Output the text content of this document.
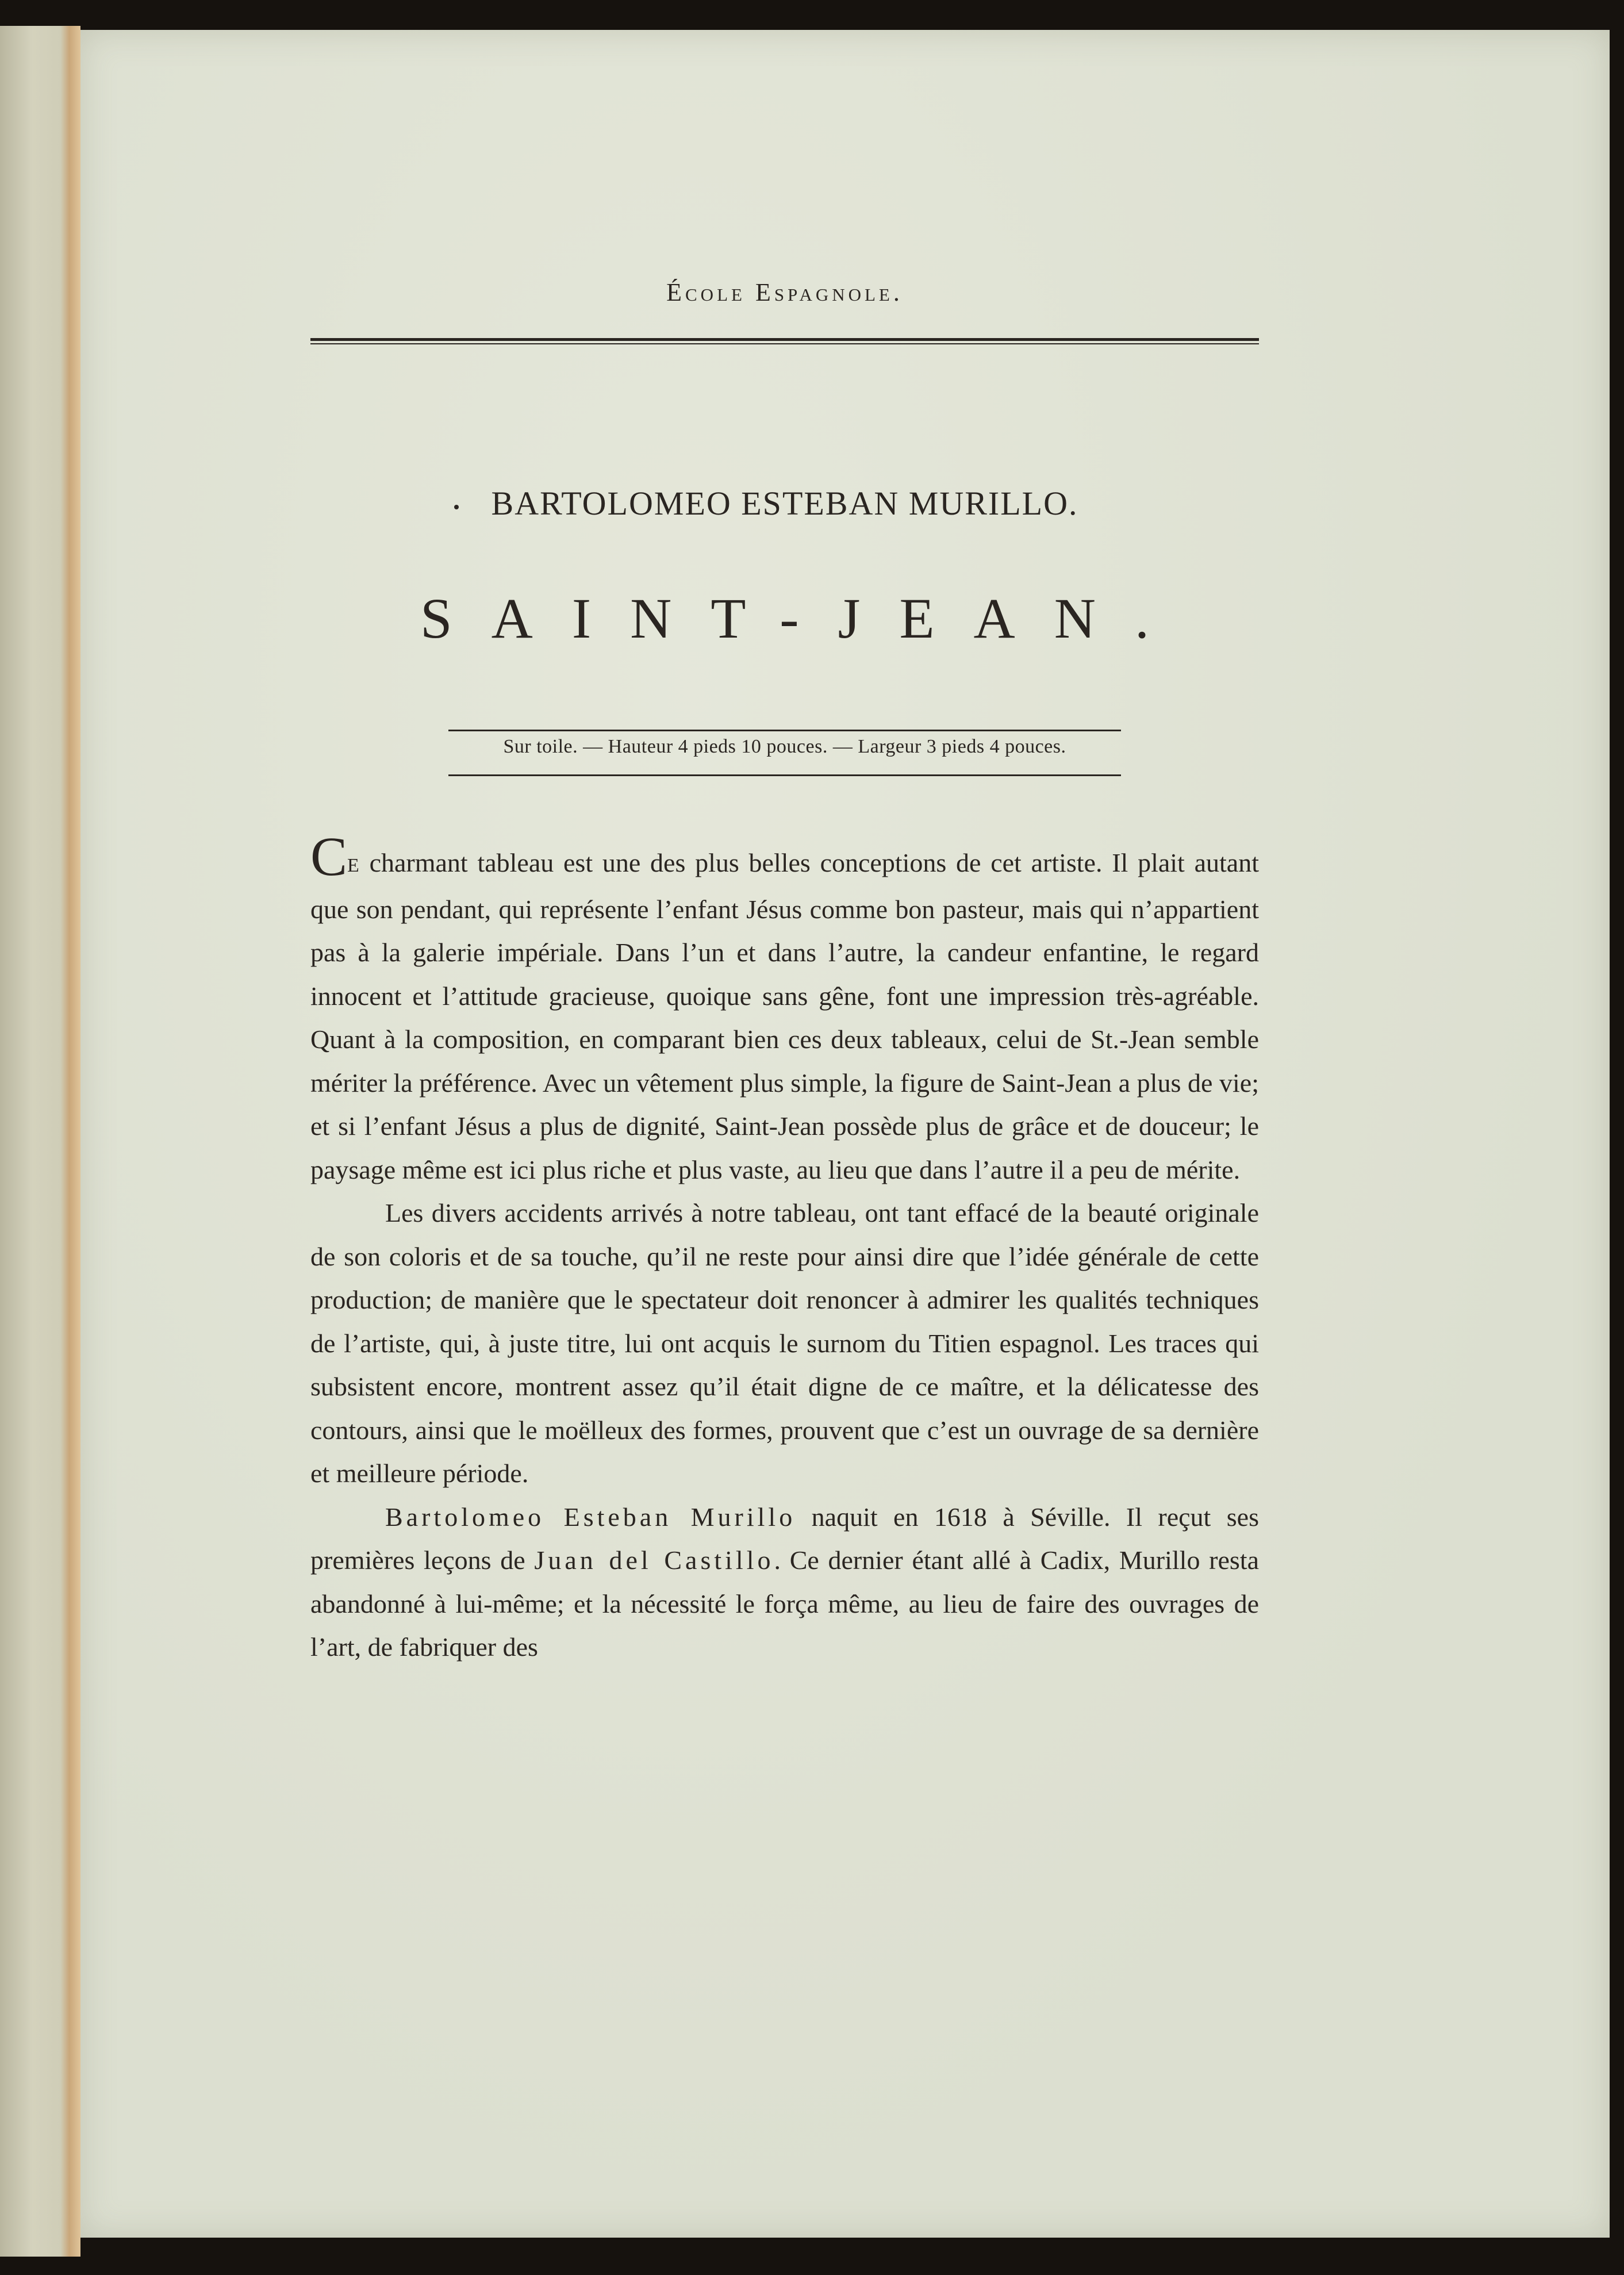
École Espagnole.
BARTOLOMEO ESTEBAN MURILLO.
SAINT-JEAN.
Sur toile. — Hauteur 4 pieds 10 pouces. — Largeur 3 pieds 4 pouces.

CE charmant tableau est une des plus belles conceptions de cet artiste. Il plait autant que son pendant, qui représente l’enfant Jésus comme bon pasteur, mais qui n’appartient pas à la galerie impériale. Dans l’un et dans l’autre, la candeur enfantine, le regard innocent et l’attitude gracieuse, quoique sans gêne, font une impression très-agréable. Quant à la composition, en comparant bien ces deux tableaux, celui de St.-Jean semble mériter la préférence. Avec un vêtement plus simple, la figure de Saint-Jean a plus de vie; et si l’enfant Jésus a plus de dignité, Saint-Jean possède plus de grâce et de douceur; le paysage même est ici plus riche et plus vaste, au lieu que dans l’autre il a peu de mérite.

Les divers accidents arrivés à notre tableau, ont tant effacé de la beauté originale de son coloris et de sa touche, qu’il ne reste pour ainsi dire que l’idée générale de cette production; de manière que le spectateur doit renoncer à admirer les qualités techniques de l’artiste, qui, à juste titre, lui ont acquis le surnom du Titien espagnol. Les traces qui subsistent encore, montrent assez qu’il était digne de ce maître, et la délicatesse des contours, ainsi que le moëlleux des formes, prouvent que c’est un ouvrage de sa dernière et meilleure période.

Bartolomeo Esteban Murillo naquit en 1618 à Séville. Il reçut ses premières leçons de Juan del Castillo. Ce dernier étant allé à Cadix, Murillo resta abandonné à lui-même; et la nécessité le força même, au lieu de faire des ouvrages de l’art, de fabriquer des
